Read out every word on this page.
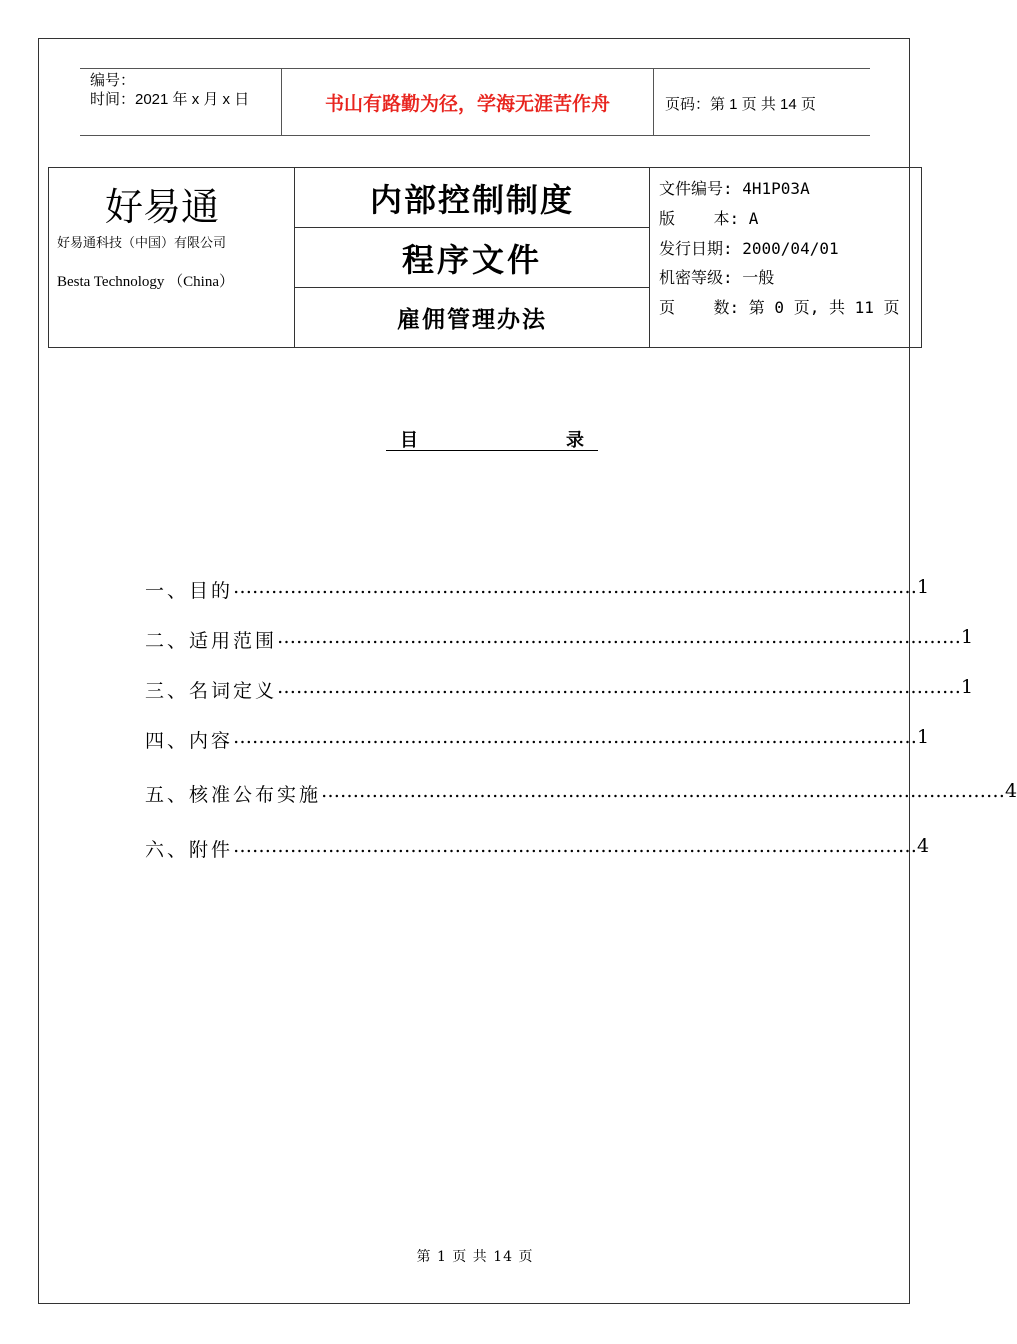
编号：
时间：2021 年 x 月 x 日	书山有路勤为径，学海无涯苦作舟	页码：第 1 页 共 14 页
好易通
好易通科技（中国）有限公司
Besta Technology （China）
内部控制制度
程序文件
雇佣管理办法
文件编号: 4H1P03A
版    本: A
发行日期: 2000/04/01
机密等级: 一般
页    数: 第 0 页, 共 11 页
目	录
一、目的 ……………………………………………………………………………………………… 1
二、适用范围 ……………………………………………………………………………………………… 1
三、名词定义 ……………………………………………………………………………………………… 1
四、内容 ……………………………………………………………………………………………… 1
五、核准公布实施 ……………………………………………………………………………………………… 4
六、附件 ……………………………………………………………………………………………… 4
第 1 页 共 14 页
